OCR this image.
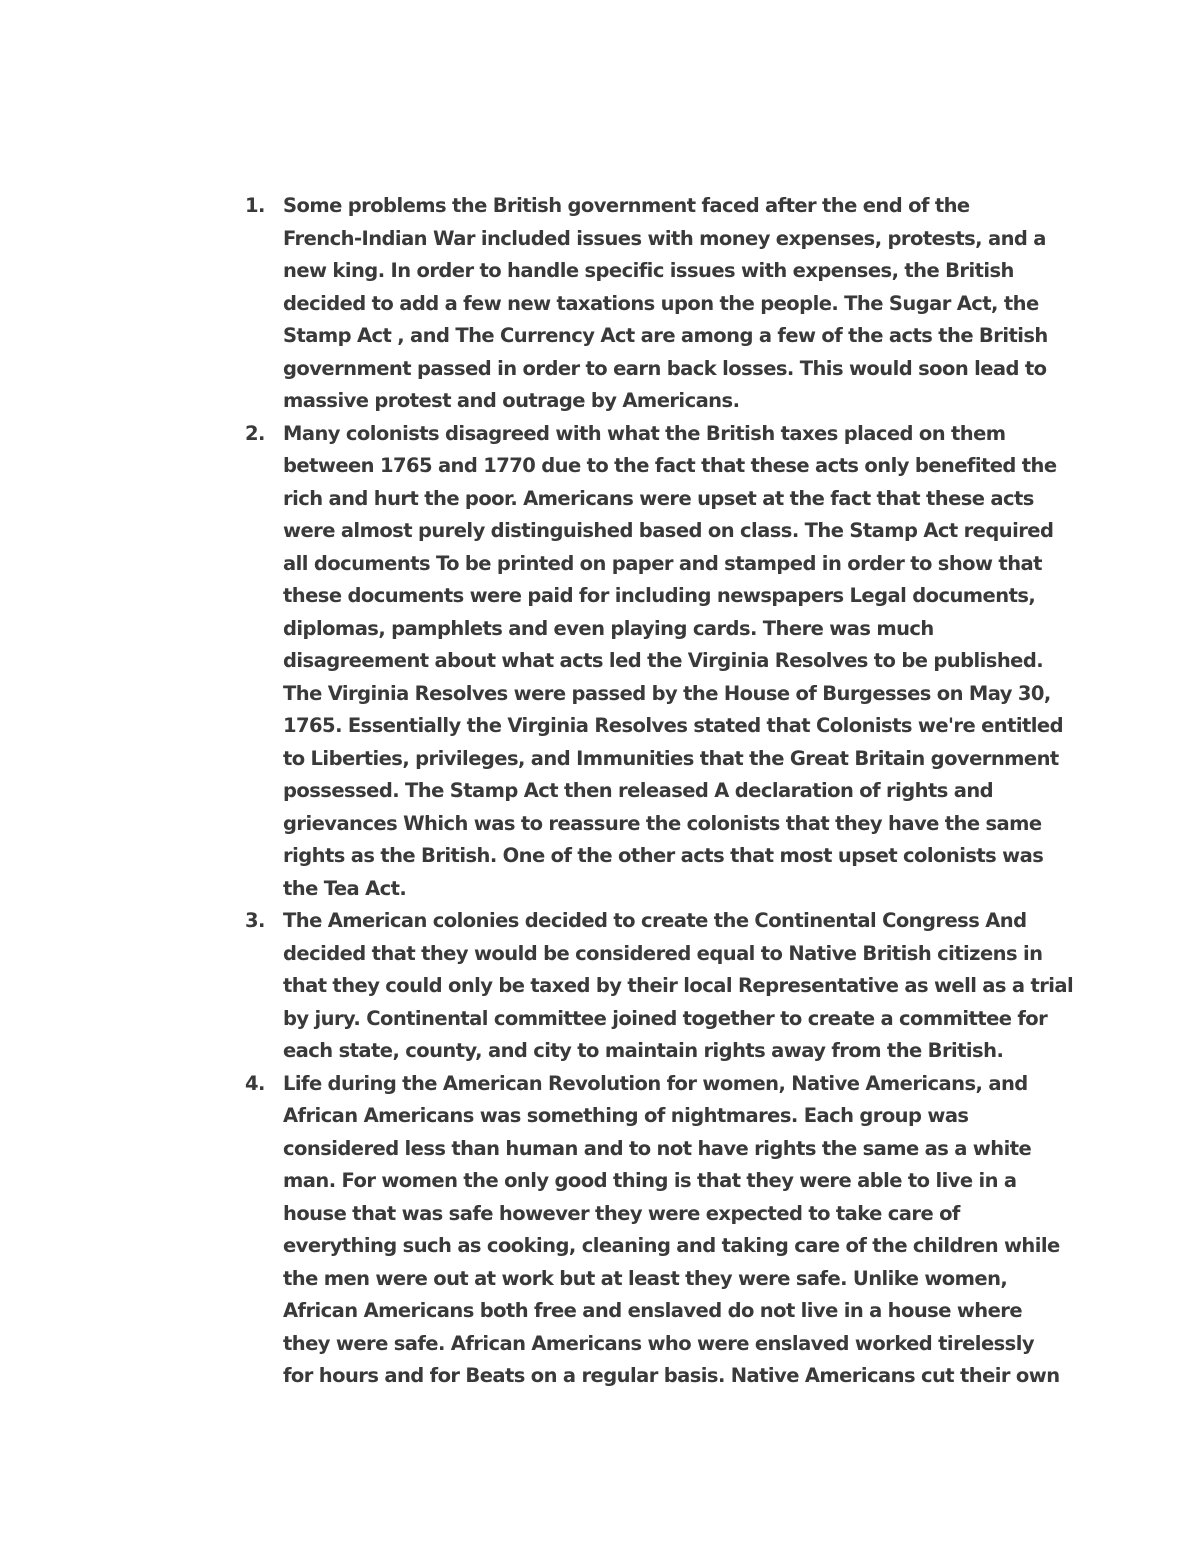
1. Some problems the British government faced after the end of the
French-Indian War included issues with money expenses, protests, and a
new king. In order to handle specific issues with expenses, the British
decided to add a few new taxations upon the people. The Sugar Act, the
Stamp Act , and The Currency Act are among a few of the acts the British
government passed in order to earn back losses. This would soon lead to
massive protest and outrage by Americans.
2. Many colonists disagreed with what the British taxes placed on them
between 1765 and 1770 due to the fact that these acts only benefited the
rich and hurt the poor. Americans were upset at the fact that these acts
were almost purely distinguished based on class. The Stamp Act required
all documents To be printed on paper and stamped in order to show that
these documents were paid for including newspapers Legal documents,
diplomas, pamphlets and even playing cards. There was much
disagreement about what acts led the Virginia Resolves to be published.
The Virginia Resolves were passed by the House of Burgesses on May 30,
1765. Essentially the Virginia Resolves stated that Colonists we're entitled
to Liberties, privileges, and Immunities that the Great Britain government
possessed. The Stamp Act then released A declaration of rights and
grievances Which was to reassure the colonists that they have the same
rights as the British. One of the other acts that most upset colonists was
the Tea Act.
3. The American colonies decided to create the Continental Congress And
decided that they would be considered equal to Native British citizens in
that they could only be taxed by their local Representative as well as a trial
by jury. Continental committee joined together to create a committee for
each state, county, and city to maintain rights away from the British.
4. Life during the American Revolution for women, Native Americans, and
African Americans was something of nightmares. Each group was
considered less than human and to not have rights the same as a white
man. For women the only good thing is that they were able to live in a
house that was safe however they were expected to take care of
everything such as cooking, cleaning and taking care of the children while
the men were out at work but at least they were safe. Unlike women,
African Americans both free and enslaved do not live in a house where
they were safe. African Americans who were enslaved worked tirelessly
for hours and for Beats on a regular basis. Native Americans cut their own
